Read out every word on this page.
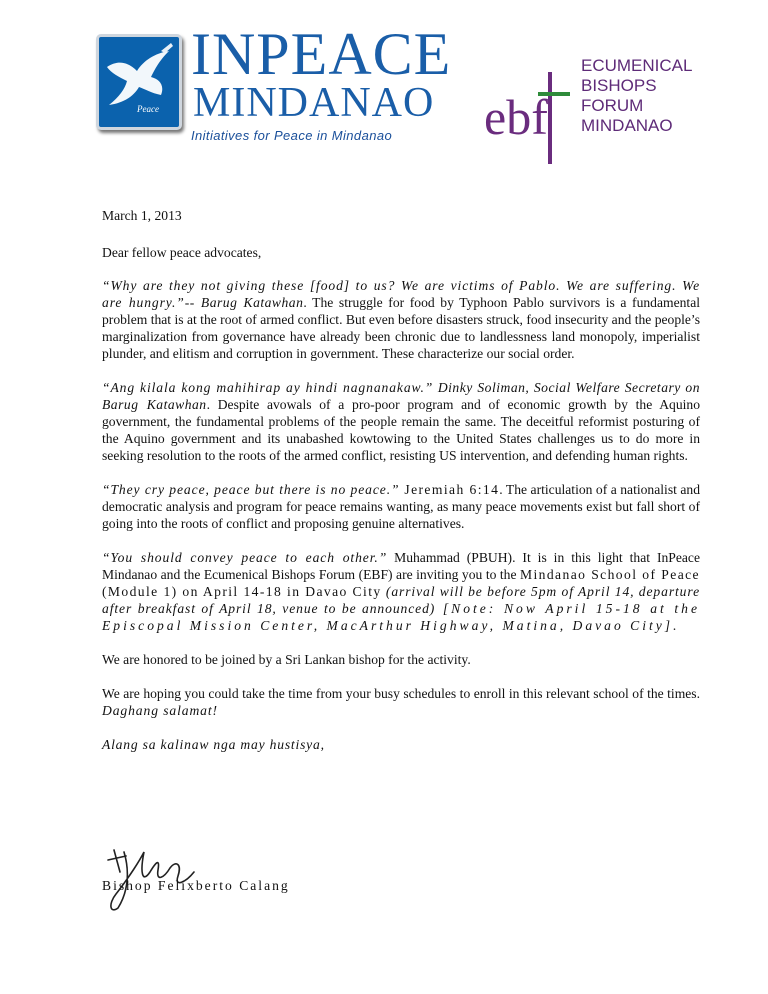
Peace
INPEACE
MINDANAO
Initiatives for Peace in Mindanao ebf
ECUMENICAL
BISHOPS
FORUM
MINDANAO

March 1, 2013

Dear fellow peace advocates,

“Why are they not giving these [food] to us? We are victims of Pablo. We are suffering. We are hungry.”-- Barug Katawhan. The struggle for food by Typhoon Pablo survivors is a fundamental problem that is at the root of armed conflict. But even before disasters struck, food insecurity and the people’s marginalization from governance have already been chronic due to landlessness land monopoly, imperialist plunder, and elitism and corruption in government. These characterize our social order.

“Ang kilala kong mahihirap ay hindi nagnanakaw.” Dinky Soliman, Social Welfare Secretary on Barug Katawhan. Despite avowals of a pro-poor program and of economic growth by the Aquino government, the fundamental problems of the people remain the same. The deceitful reformist posturing of the Aquino government and its unabashed kowtowing to the United States challenges us to do more in seeking resolution to the roots of the armed conflict, resisting US intervention, and defending human rights.

“They cry peace, peace but there is no peace.” Jeremiah 6:14. The articulation of a nationalist and democratic analysis and program for peace remains wanting, as many peace movements exist but fall short of going into the roots of conflict and proposing genuine alternatives.

“You should convey peace to each other.” Muhammad (PBUH). It is in this light that InPeace Mindanao and the Ecumenical Bishops Forum (EBF) are inviting you to the Mindanao School of Peace (Module 1) on April 14-18 in Davao City (arrival will be before 5pm of April 14, departure after breakfast of April 18, venue to be announced) [Note: Now April 15-18 at the Episcopal Mission Center, MacArthur Highway, Matina, Davao City].

We are honored to be joined by a Sri Lankan bishop for the activity.

We are hoping you could take the time from your busy schedules to enroll in this relevant school of the times. Daghang salamat!

Alang sa kalinaw nga may hustisya,

Bishop Felixberto Calang
